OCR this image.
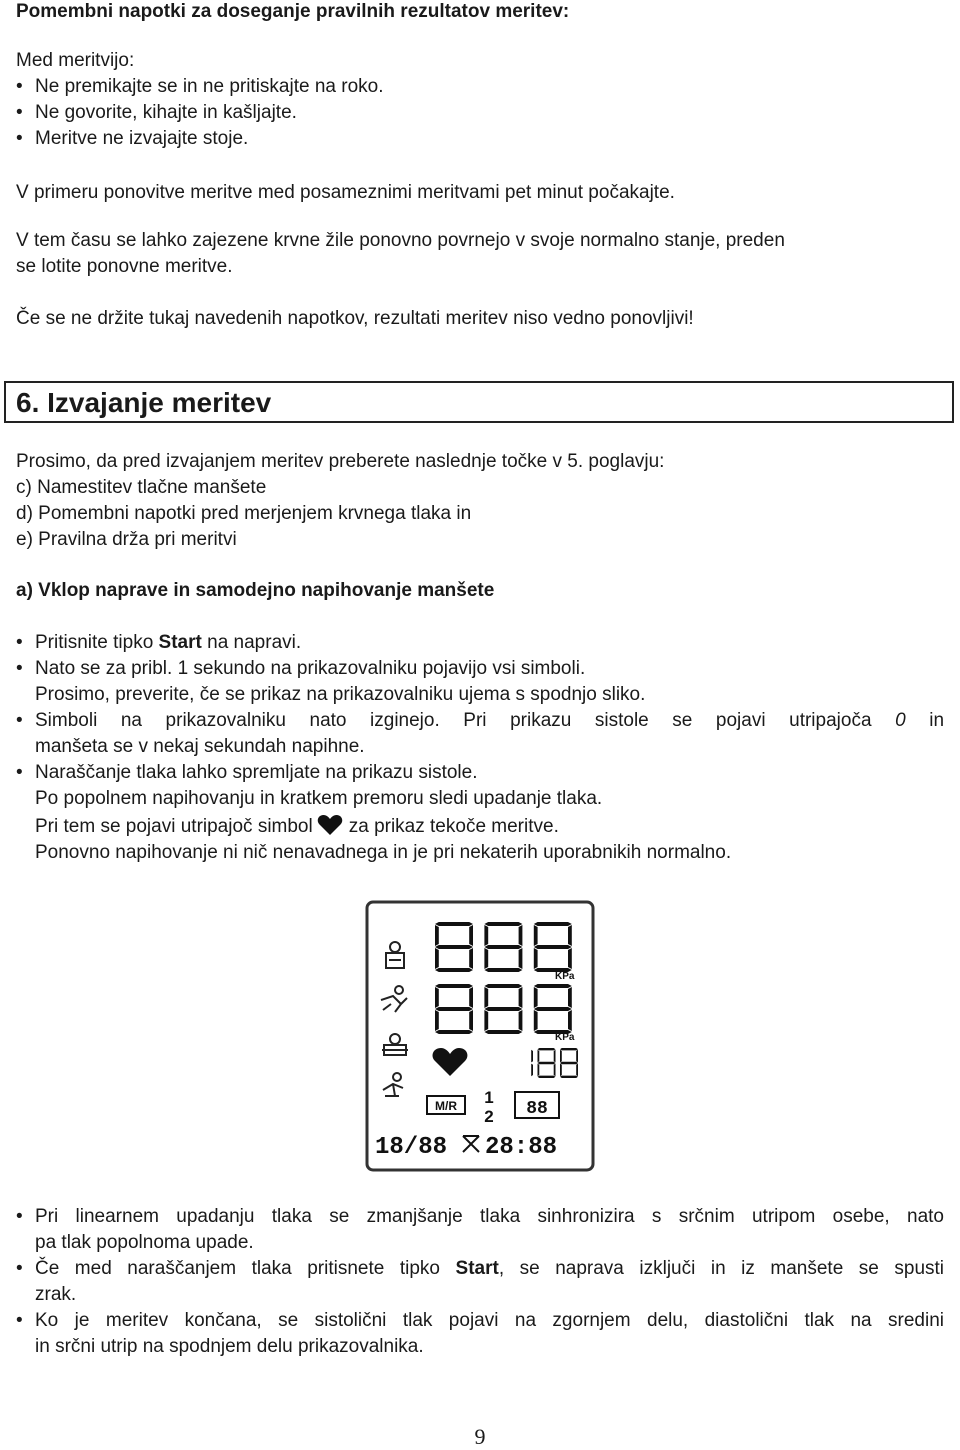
Pomembni napotki za doseganje pravilnih rezultatov meritev:
Med meritvijo:
• Ne premikajte se in ne pritiskajte na roko.
• Ne govorite, kihajte in kašljajte.
• Meritve ne izvajajte stoje.
V primeru ponovitve meritve med posameznimi meritvami pet minut počakajte.
V tem času se lahko zajezene krvne žile ponovno povrnejo v svoje normalno stanje, preden
se lotite ponovne meritve.
Če se ne držite tukaj navedenih napotkov, rezultati meritev niso vedno ponovljivi!
6. Izvajanje meritev
Prosimo, da pred izvajanjem meritev preberete naslednje točke v 5. poglavju:
c) Namestitev tlačne manšete
d) Pomembni napotki pred merjenjem krvnega tlaka in
e) Pravilna drža pri meritvi
a) Vklop naprave in samodejno napihovanje manšete
• Pritisnite tipko Start na napravi.
• Nato se za pribl. 1 sekundo na prikazovalniku pojavijo vsi simboli.
Prosimo, preverite, če se prikaz na prikazovalniku ujema s spodnjo sliko.
• Simboli na prikazovalniku nato izginejo. Pri prikazu sistole se pojavi utripajoča 0 in
manšeta se v nekaj sekundah napihne.
• Naraščanje tlaka lahko spremljate na prikazu sistole.
Po popolnem napihovanju in kratkem premoru sledi upadanje tlaka.
Pri tem se pojavi utripajoč simbol za prikaz tekoče meritve.
Ponovno napihovanje ni nič nenavadnega in je pri nekaterih uporabnikih normalno.
KPa
KPa
M/R 1
2 88
18/88 28:88
• Pri linearnem upadanju tlaka se zmanjšanje tlaka sinhronizira s srčnim utripom osebe, nato
pa tlak popolnoma upade.
• Če med naraščanjem tlaka pritisnete tipko Start, se naprava izklјuči in iz manšete se spusti
zrak.
• Ko je meritev končana, se sistolični tlak pojavi na zgornjem delu, diastolični tlak na sredini
in srčni utrip na spodnjem delu prikazovalnika.
9
